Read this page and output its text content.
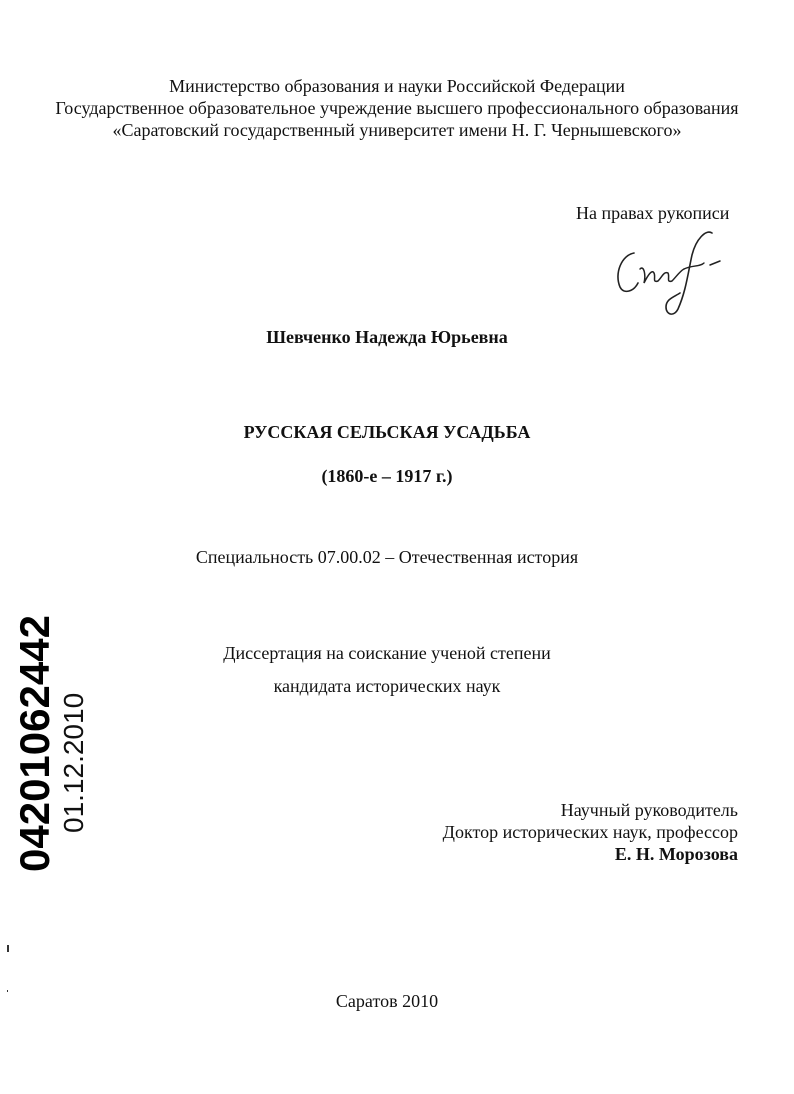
Министерство образования и науки Российской Федерации
Государственное образовательное учреждение высшего профессионального образования
«Саратовский государственный университет имени Н. Г. Чернышевского»
На правах рукописи
Шевченко Надежда Юрьевна
РУССКАЯ СЕЛЬСКАЯ УСАДЬБА
(1860-е – 1917 г.)
Специальность 07.00.02 – Отечественная история
Диссертация на соискание ученой степени
кандидата исторических наук
Научный руководитель
Доктор исторических наук, профессор
Е. Н. Морозова
Саратов 2010
04201062442 01.12.2010
